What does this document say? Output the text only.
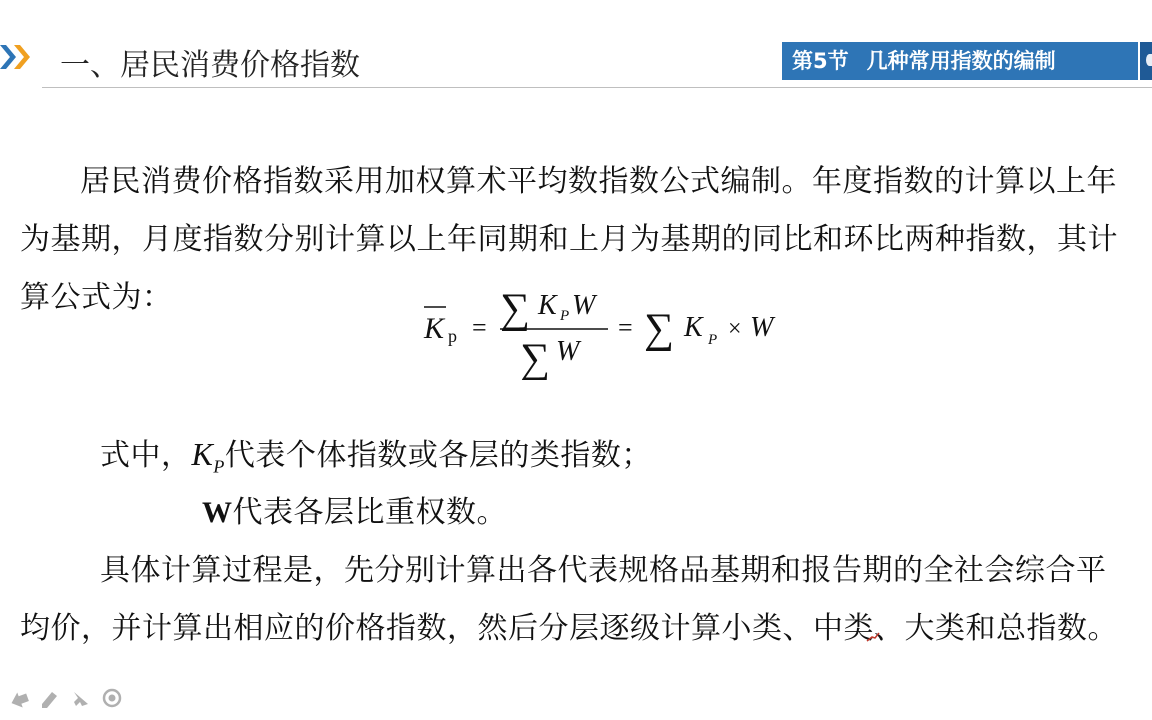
一、居民消费价格指数	第5节 几种常用指数的编制
居民消费价格指数采用加权算术平均数指数公式编制。年度指数的计算以上年
为基期，月度指数分别计算以上年同期和上月为基期的同比和环比两种指数，其计
算公式为：
K p = ∑ K P W
∑ W
= ∑ K P × W
式中，$K_P$代表个体指数或各层的类指数；
W代表各层比重权数。
具体计算过程是，先分别计算出各代表规格品基期和报告期的全社会综合平
均价，并计算出相应的价格指数，然后分层逐级计算小类、中类、大类和总指数。
